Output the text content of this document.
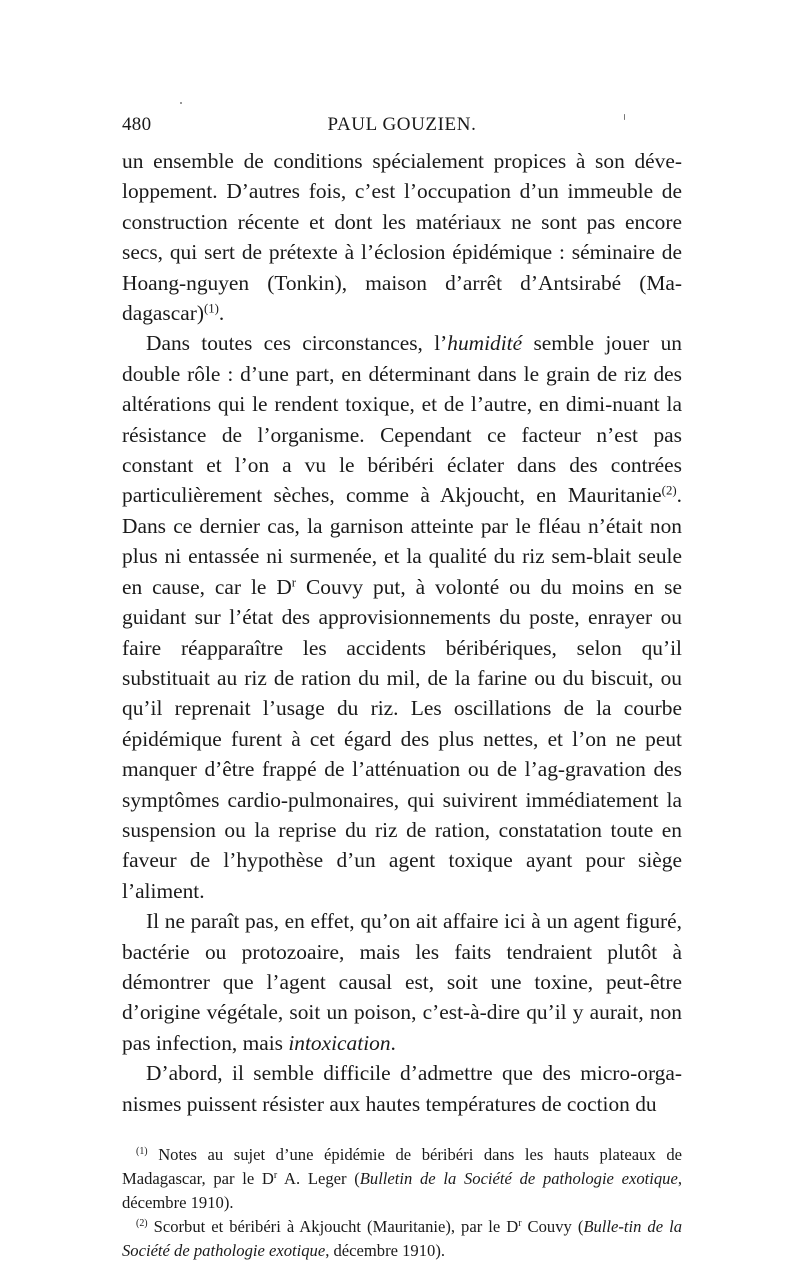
480	PAUL GOUZIEN.

un ensemble de conditions spécialement propices à son déve-loppement. D’autres fois, c’est l’occupation d’un immeuble de construction récente et dont les matériaux ne sont pas encore secs, qui sert de prétexte à l’éclosion épidémique : séminaire de Hoang-nguyen (Tonkin), maison d’arrêt d’Antsirabé (Ma-dagascar)$^{(1)}$.

Dans toutes ces circonstances, l’humidité semble jouer un double rôle : d’une part, en déterminant dans le grain de riz des altérations qui le rendent toxique, et de l’autre, en dimi-nuant la résistance de l’organisme. Cependant ce facteur n’est pas constant et l’on a vu le béribéri éclater dans des contrées particulièrement sèches, comme à Akjoucht, en Mauritanie$^{(2)}$. Dans ce dernier cas, la garnison atteinte par le fléau n’était non plus ni entassée ni surmenée, et la qualité du riz sem-blait seule en cause, car le $D^r$ Couvy put, à volonté ou du moins en se guidant sur l’état des approvisionnements du poste, enrayer ou faire réapparaître les accidents béribériques, selon qu’il substituait au riz de ration du mil, de la farine ou du biscuit, ou qu’il reprenait l’usage du riz. Les oscillations de la courbe épidémique furent à cet égard des plus nettes, et l’on ne peut manquer d’être frappé de l’atténuation ou de l’ag-gravation des symptômes cardio-pulmonaires, qui suivirent immédiatement la suspension ou la reprise du riz de ration, constatation toute en faveur de l’hypothèse d’un agent toxique ayant pour siège l’aliment.

Il ne paraît pas, en effet, qu’on ait affaire ici à un agent figuré, bactérie ou protozoaire, mais les faits tendraient plutôt à démontrer que l’agent causal est, soit une toxine, peut-être d’origine végétale, soit un poison, c’est-à-dire qu’il y aurait, non pas infection, mais intoxication.

D’abord, il semble difficile d’admettre que des micro-orga-nismes puissent résister aux hautes températures de coction du

$^{(1)}$ Notes au sujet d’une épidémie de béribéri dans les hauts plateaux de Madagascar, par le $D^r$ A. Leger (Bulletin de la Société de pathologie exotique, décembre 1910).

$^{(2)}$ Scorbut et béribéri à Akjoucht (Mauritanie), par le $D^r$ Couvy (Bulle-tin de la Société de pathologie exotique, décembre 1910).
